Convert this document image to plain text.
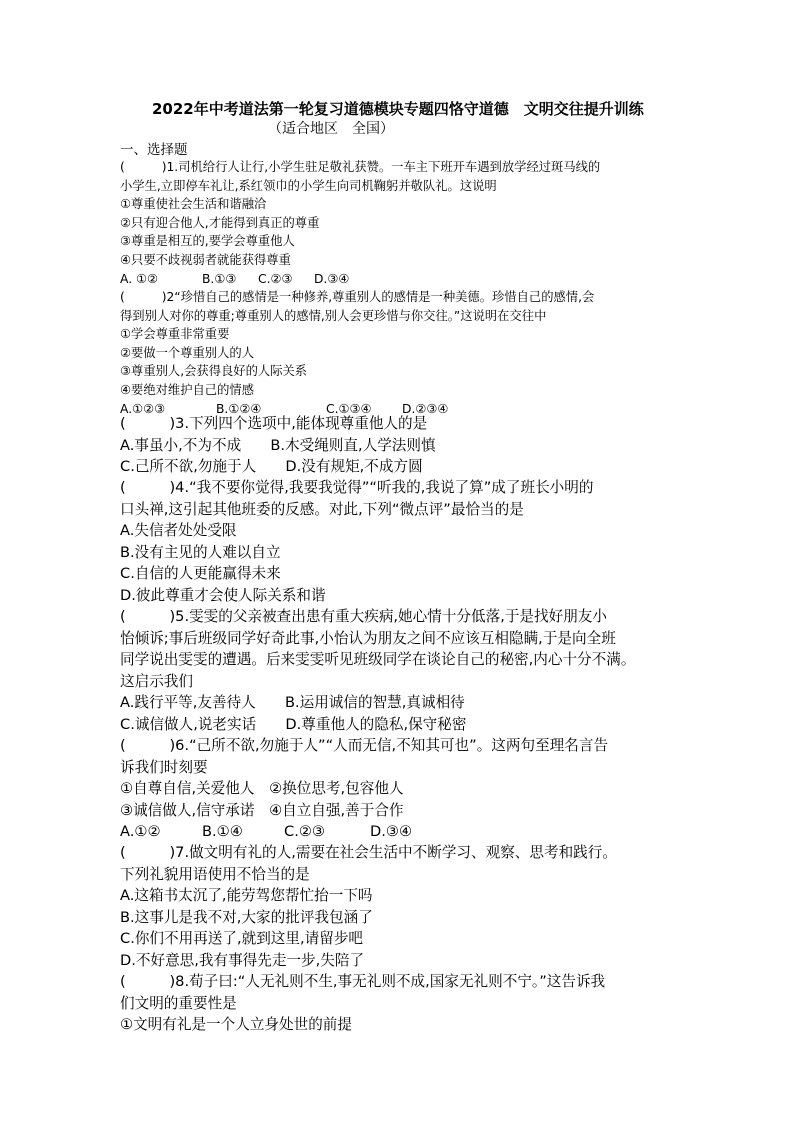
2022年中考道法第一轮复习道德模块专题四恪守道德　文明交往提升训练
（适合地区　全国）
一、选择题
(　　　)1.司机给行人让行,小学生驻足敬礼获赞。一车主下班开车遇到放学经过斑马线的
小学生,立即停车礼让,系红领巾的小学生向司机鞠躬并敬队礼。这说明
①尊重使社会生活和谐融洽
②只有迎合他人,才能得到真正的尊重
③尊重是相互的,要学会尊重他人
④只要不歧视弱者就能获得尊重
A. ①②	B.①③ C.②③ D.③④
(　　　)2“珍惜自己的感情是一种修养,尊重别人的感情是一种美德。珍惜自己的感情,会
得到别人对你的尊重;尊重别人的感情,别人会更珍惜与你交往。”这说明在交往中
①学会尊重非常重要
②要做一个尊重别人的人
③尊重别人,会获得良好的人际关系
④要绝对维护自己的情感
A.①②③	B.①②④	C.①③④ D.②③④
(　　　)3.下列四个选项中,能体现尊重他人的是
A.事虽小,不为不成　　B.木受绳则直,人学法则慎
C.己所不欲,勿施于人　　D.没有规矩,不成方圆
(　　　)4.“我不要你觉得,我要我觉得”“听我的,我说了算”成了班长小明的
口头禅,这引起其他班委的反感。对此,下列“微点评”最恰当的是
A.失信者处处受限
B.没有主见的人难以自立
C.自信的人更能赢得未来
D.彼此尊重才会使人际关系和谐
(　　　)5.雯雯的父亲被查出患有重大疾病,她心情十分低落,于是找好朋友小
怡倾诉;事后班级同学好奇此事,小怡认为朋友之间不应该互相隐瞒,于是向全班
同学说出雯雯的遭遇。后来雯雯听见班级同学在谈论自己的秘密,内心十分不满。
这启示我们
A.践行平等,友善待人　　B.运用诚信的智慧,真诚相待
C.诚信做人,说老实话　　D.尊重他人的隐私,保守秘密
(　　　)6.“己所不欲,勿施于人”“人而无信,不知其可也”。这两句至理名言告
诉我们时刻要
①自尊自信,关爱他人　②换位思考,包容他人
③诚信做人,信守承诺　④自立自强,善于合作
A.①②	B.①④	C.②③	D.③④
(　　　)7.做文明有礼的人,需要在社会生活中不断学习、观察、思考和践行。
下列礼貌用语使用不恰当的是
A.这箱书太沉了,能劳驾您帮忙抬一下吗
B.这事儿是我不对,大家的批评我包涵了
C.你们不用再送了,就到这里,请留步吧
D.不好意思,我有事得先走一步,失陪了
(　　　)8.荀子曰:“人无礼则不生,事无礼则不成,国家无礼则不宁。”这告诉我
们文明的重要性是
①文明有礼是一个人立身处世的前提
